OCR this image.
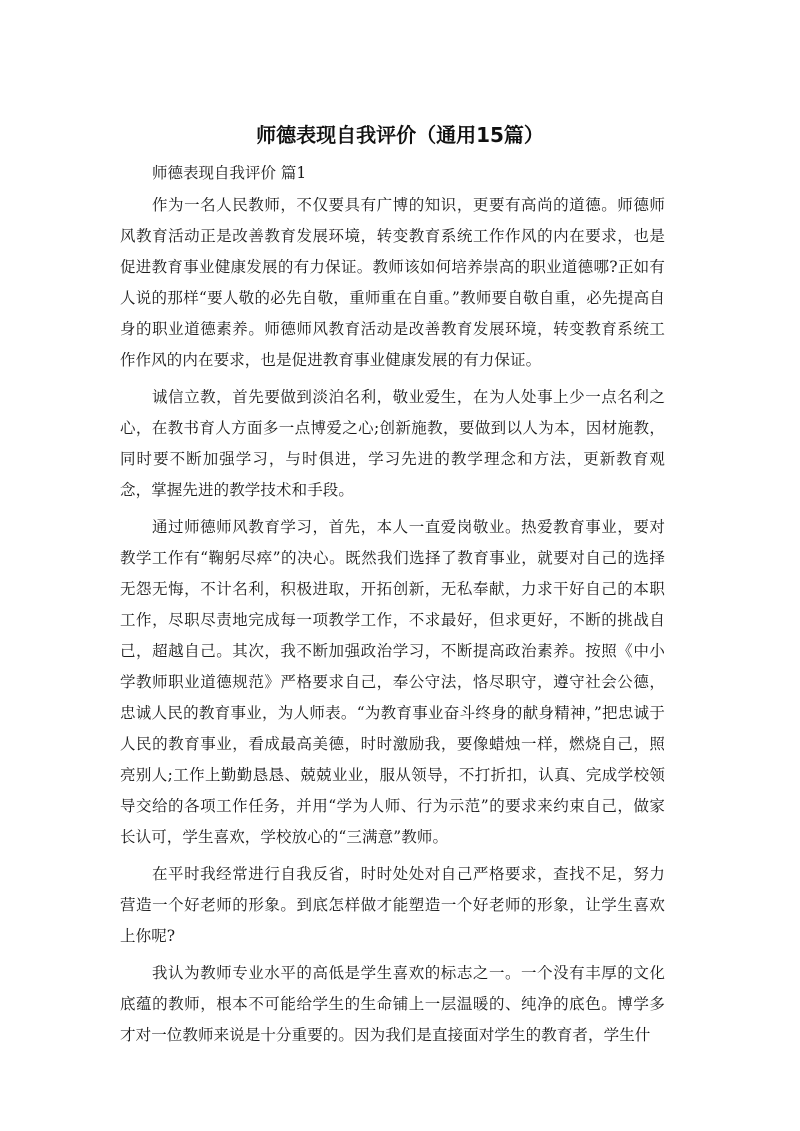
师德表现自我评价（通用15篇）

师德表现自我评价 篇1

作为一名人民教师，不仅要具有广博的知识，更要有高尚的道德。师德师风教育活动正是改善教育发展环境，转变教育系统工作作风的内在要求，也是促进教育事业健康发展的有力保证。教师该如何培养崇高的职业道德哪?正如有人说的那样“要人敬的必先自敬，重师重在自重。”教师要自敬自重，必先提高自身的职业道德素养。师德师风教育活动是改善教育发展环境，转变教育系统工作作风的内在要求，也是促进教育事业健康发展的有力保证。

诚信立教，首先要做到淡泊名利，敬业爱生，在为人处事上少一点名利之心，在教书育人方面多一点博爱之心;创新施教，要做到以人为本，因材施教，同时要不断加强学习，与时俱进，学习先进的教学理念和方法，更新教育观念，掌握先进的教学技术和手段。

通过师德师风教育学习，首先，本人一直爱岗敬业。热爱教育事业，要对教学工作有“鞠躬尽瘁”的决心。既然我们选择了教育事业，就要对自己的选择无怨无悔，不计名利，积极进取，开拓创新，无私奉献，力求干好自己的本职工作，尽职尽责地完成每一项教学工作，不求最好，但求更好，不断的挑战自己，超越自己。其次，我不断加强政治学习，不断提高政治素养。按照《中小学教师职业道德规范》严格要求自己，奉公守法，恪尽职守，遵守社会公德，忠诚人民的教育事业，为人师表。“为教育事业奋斗终身的献身精神，”把忠诚于人民的教育事业，看成最高美德，时时激励我，要像蜡烛一样，燃烧自己，照亮别人;工作上勤勤恳恳、兢兢业业，服从领导，不打折扣，认真、完成学校领导交给的各项工作任务，并用“学为人师、行为示范”的要求来约束自己，做家长认可，学生喜欢，学校放心的“三满意”教师。

在平时我经常进行自我反省，时时处处对自己严格要求，查找不足，努力营造一个好老师的形象。到底怎样做才能塑造一个好老师的形象，让学生喜欢上你呢?

我认为教师专业水平的高低是学生喜欢的标志之一。一个没有丰厚的文化底蕴的教师，根本不可能给学生的生命铺上一层温暖的、纯净的底色。博学多才对一位教师来说是十分重要的。因为我们是直接面对学生的教育者，学生什
